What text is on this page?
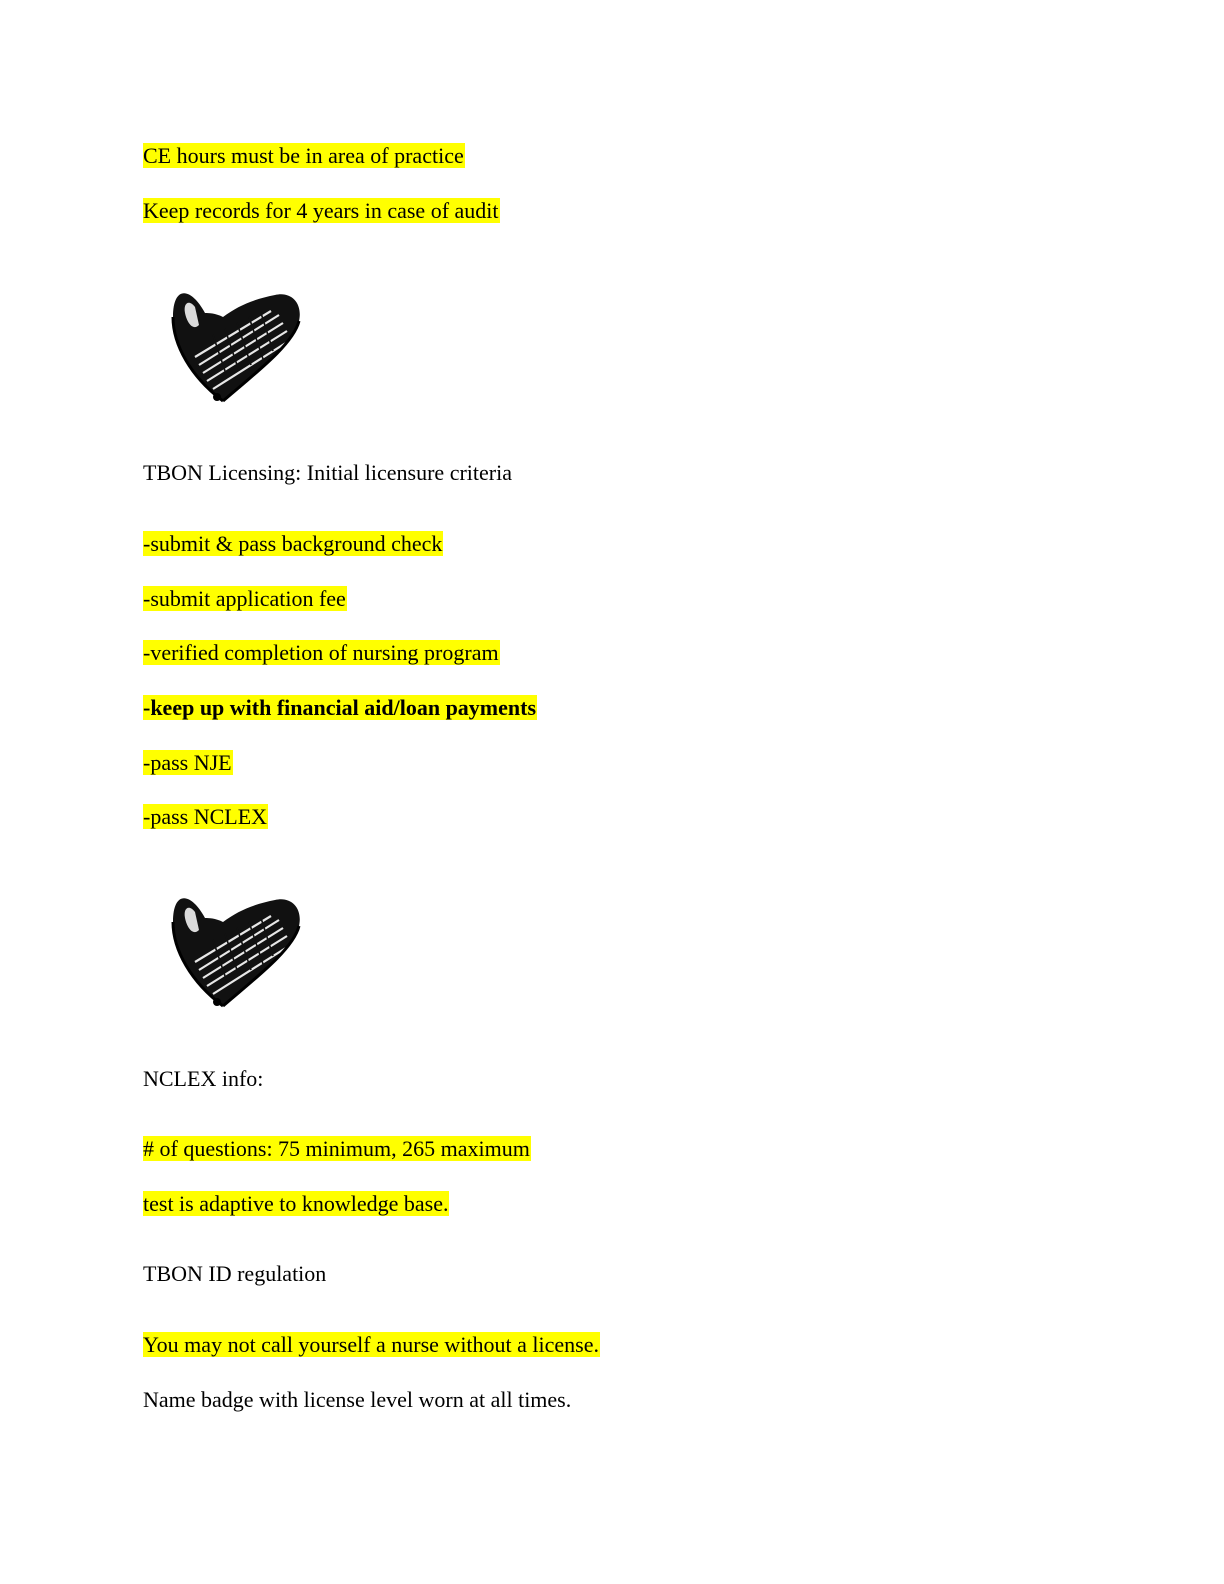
CE hours must be in area of practice
Keep records for 4 years in case of audit
TBON Licensing: Initial licensure criteria
-submit & pass background check
-submit application fee
-verified completion of nursing program
-keep up with financial aid/loan payments
-pass NJE
-pass NCLEX
NCLEX info:
# of questions: 75 minimum, 265 maximum
test is adaptive to knowledge base.
TBON ID regulation
You may not call yourself a nurse without a license.
Name badge with license level worn at all times.
